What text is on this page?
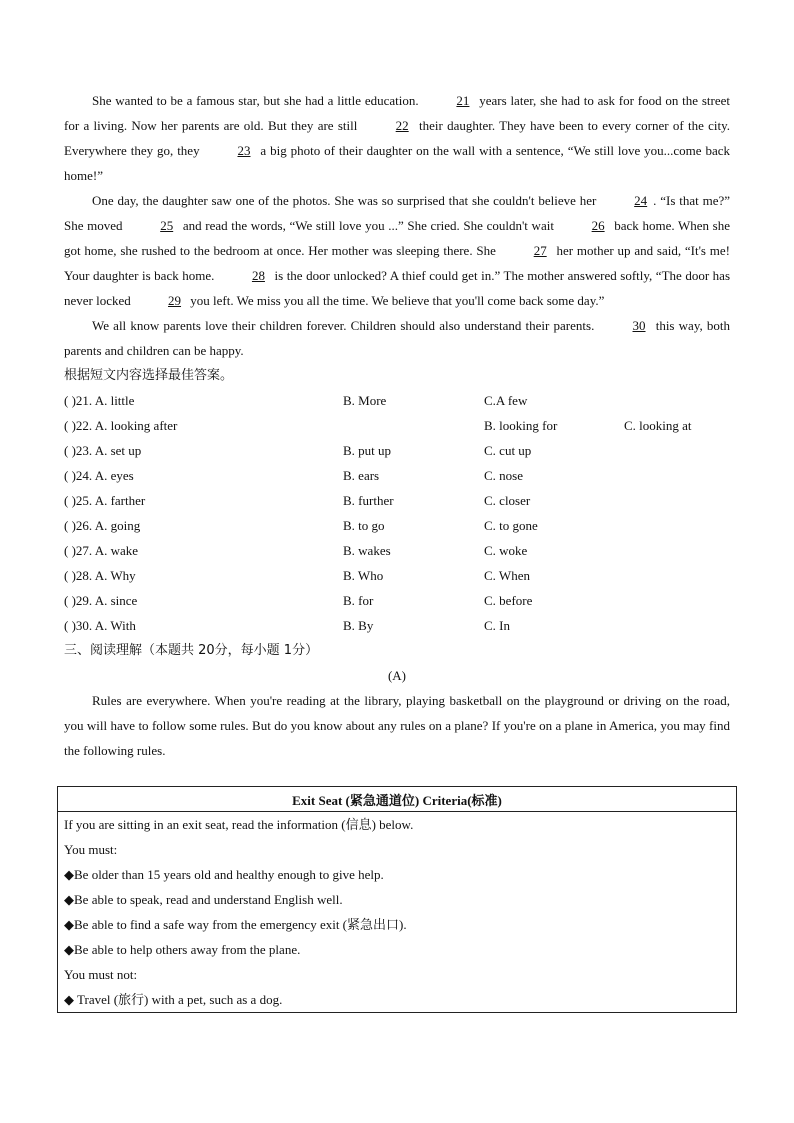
She wanted to be a famous star, but she had a little education.	21 years later, she had to ask for food on the street for a living. Now her parents are old. But they are still	22 their daughter. They have been to every corner of the city. Everywhere they go, they	23 a big photo of their daughter on the wall with a sentence, “We still love you...come back home!”

One day, the daughter saw one of the photos. She was so surprised that she couldn't believe her	24 . “Is that me?” She moved	25 and read the words, “We still love you ...” She cried. She couldn't wait	26 back home. When she got home, she rushed to the bedroom at once. Her mother was sleeping there. She	27 her mother up and said, “It's me! Your daughter is back home.	28 is the door unlocked? A thief could get in.” The mother answered softly, “The door has never locked	29 you left. We miss you all the time. We believe that you'll come back some day.”

We all know parents love their children forever. Children should also understand their parents.	30 this way, both parents and children can be happy.

根据短文内容选择最佳答案。
( )21. A. little	B. More	C.A few
( )22. A. looking after	B. looking for	C. looking at
( )23. A. set up	B. put up	C. cut up
( )24. A. eyes	B. ears	C. nose
( )25. A. farther	B. further	C. closer
( )26. A. going	B. to go	C. to gone
( )27. A. wake	B. wakes	C. woke
( )28. A. Why	B. Who	C. When
( )29. A. since	B. for	C. before
( )30. A. With	B. By	C. In
三、阅读理解（本题共 20分，每小题 1分）
(A)

Rules are everywhere. When you're reading at the library, playing basketball on the playground or driving on the road, you will have to follow some rules. But do you know about any rules on a plane? If you're on a plane in America, you may find the following rules.

Exit Seat (紧急通道位) Criteria(标准)

If you are sitting in an exit seat, read the information (信息) below.
You must:
◆Be older than 15 years old and healthy enough to give help.
◆Be able to speak, read and understand English well.
◆Be able to find a safe way from the emergency exit (紧急出口).
◆Be able to help others away from the plane.
You must not:
◆ Travel (旅行) with a pet, such as a dog.
